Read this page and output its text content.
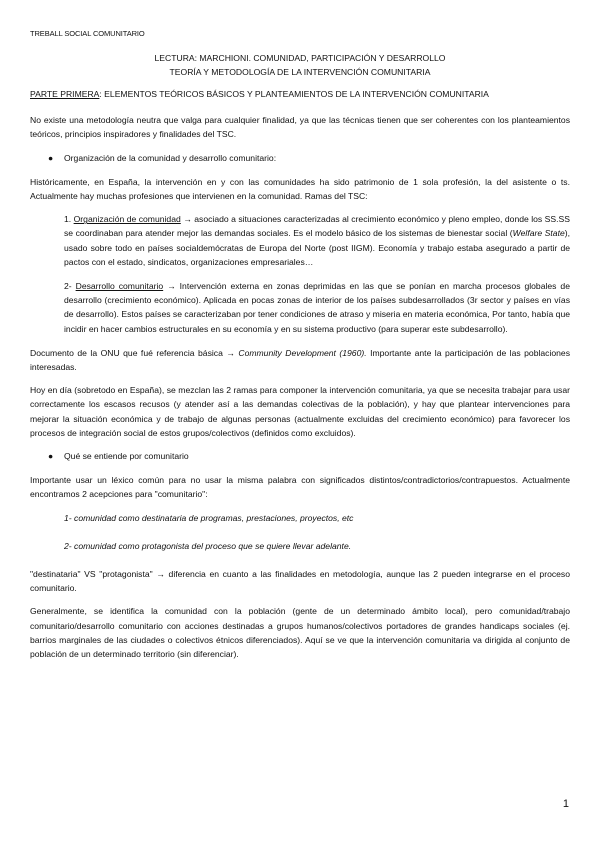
TREBALL SOCIAL COMUNITARIO
LECTURA: MARCHIONI. COMUNIDAD, PARTICIPACIÓN Y DESARROLLO
TEORÍA Y METODOLOGÍA DE LA INTERVENCIÓN COMUNITARIA

PARTE PRIMERA: ELEMENTOS TEÓRICOS BÁSICOS Y PLANTEAMIENTOS DE LA INTERVENCIÓN COMUNITARIA

No existe una metodología neutra que valga para cualquier finalidad, ya que las técnicas tienen que ser coherentes con los planteamientos teóricos, principios inspiradores y finalidades del TSC.

● Organización de la comunidad y desarrollo comunitario:

Históricamente, en España, la intervención en y con las comunidades ha sido patrimonio de 1 sola profesión, la del asistente o ts. Actualmente hay muchas profesiones que intervienen en la comunidad. Ramas del TSC:

1. Organización de comunidad → asociado a situaciones caracterizadas al crecimiento económico y pleno empleo, donde los SS.SS se coordinaban para atender mejor las demandas sociales. Es el modelo básico de los sistemas de bienestar social (Welfare State), usado sobre todo en países socialdemócratas de Europa del Norte (post IIGM). Economía y trabajo estaba asegurado a partir de pactos con el estado, sindicatos, organizaciones empresariales…

2- Desarrollo comunitario → Intervención externa en zonas deprimidas en las que se ponían en marcha procesos globales de desarrollo (crecimiento económico). Aplicada en pocas zonas de interior de los países subdesarrollados (3r sector y países en vías de desarrollo). Estos países se caracterizaban por tener condiciones de atraso y miseria en materia económica, Por tanto, había que incidir en hacer cambios estructurales en su economía y en su sistema productivo (para superar este subdesarrollo).

Documento de la ONU que fué referencia básica → Community Development (1960). Importante ante la participación de las poblaciones interesadas.

Hoy en día (sobretodo en España), se mezclan las 2 ramas para componer la intervención comunitaria, ya que se necesita trabajar para usar correctamente los escasos recusos (y atender así a las demandas colectivas de la población), y hay que plantear intervenciones para mejorar la situación económica y de trabajo de algunas personas (actualmente excluidas del crecimiento económico) para favorecer los procesos de integración social de estos grupos/colectivos (definidos como excluidos).

● Qué se entiende por comunitario

Importante usar un léxico común para no usar la misma palabra con significados distintos/contradictorios/contrapuestos. Actualmente encontramos 2 acepciones para "comunitario":

1- comunidad como destinataria de programas, prestaciones, proyectos, etc

2- comunidad como protagonista del proceso que se quiere llevar adelante.

"destinataria" VS "protagonista" → diferencia en cuanto a las finalidades en metodología, aunque las 2 pueden integrarse en el proceso comunitario.

Generalmente, se identifica la comunidad con la población (gente de un determinado ámbito local), pero comunidad/trabajo comunitario/desarrollo comunitario con acciones destinadas a grupos humanos/colectivos portadores de grandes handicaps sociales (ej. barrios marginales de las ciudades o colectivos étnicos diferenciados). Aquí se ve que la intervención comunitaria va dirigida al conjunto de población de un determinado territorio (sin diferenciar).

1
